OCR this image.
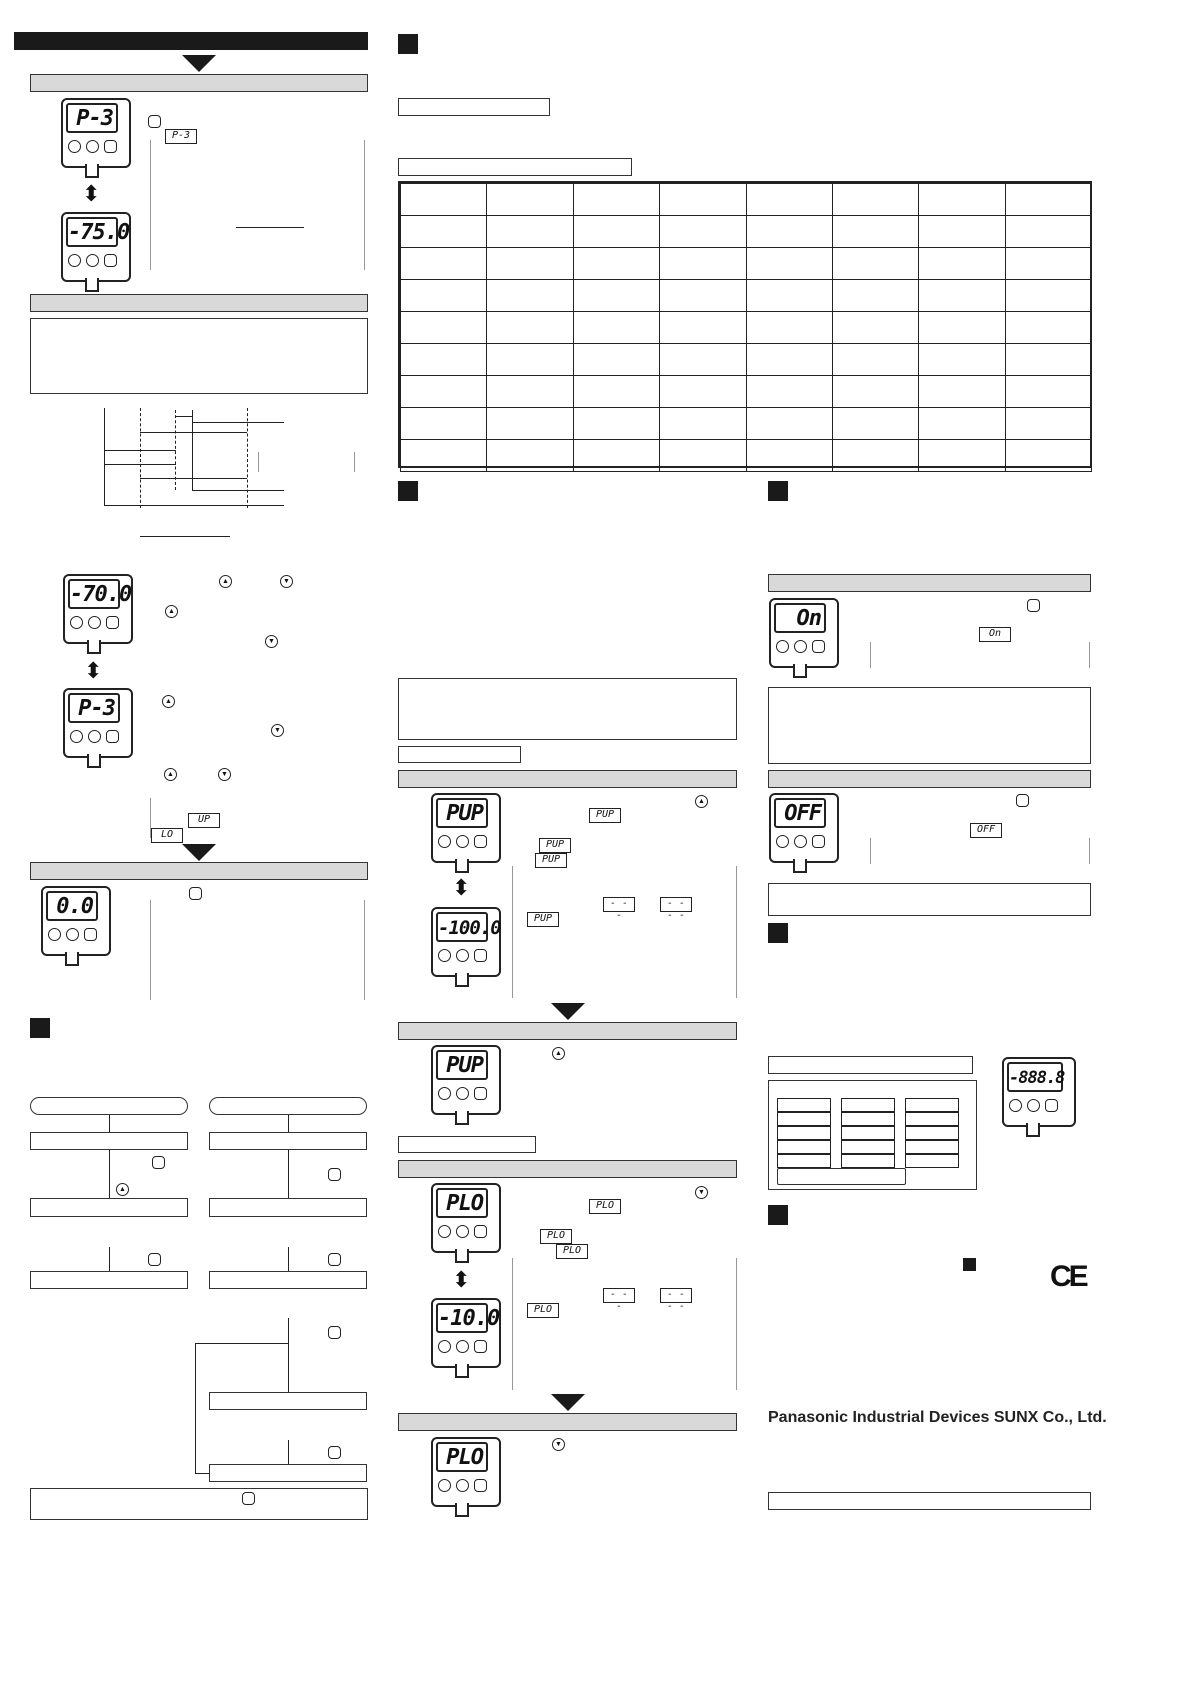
P-3
P-3
⬍
-75.0
-70.0
▲	▼
▲
▼
⬍
P-3	▲
▼
▲	▼
UP
LO
0.0
▲

PUP	PUP
▲
PUP
PUP
⬍
- - -
- - - -
PUP
-100.0
PUP	▲
PLO	PLO
▼
PLO
PLO
⬍
- - -
- - - -
PLO
-10.0
PLO
▼
On
On
OFF
OFF

-888.8
CE
Panasonic Industrial Devices SUNX Co., Ltd.
